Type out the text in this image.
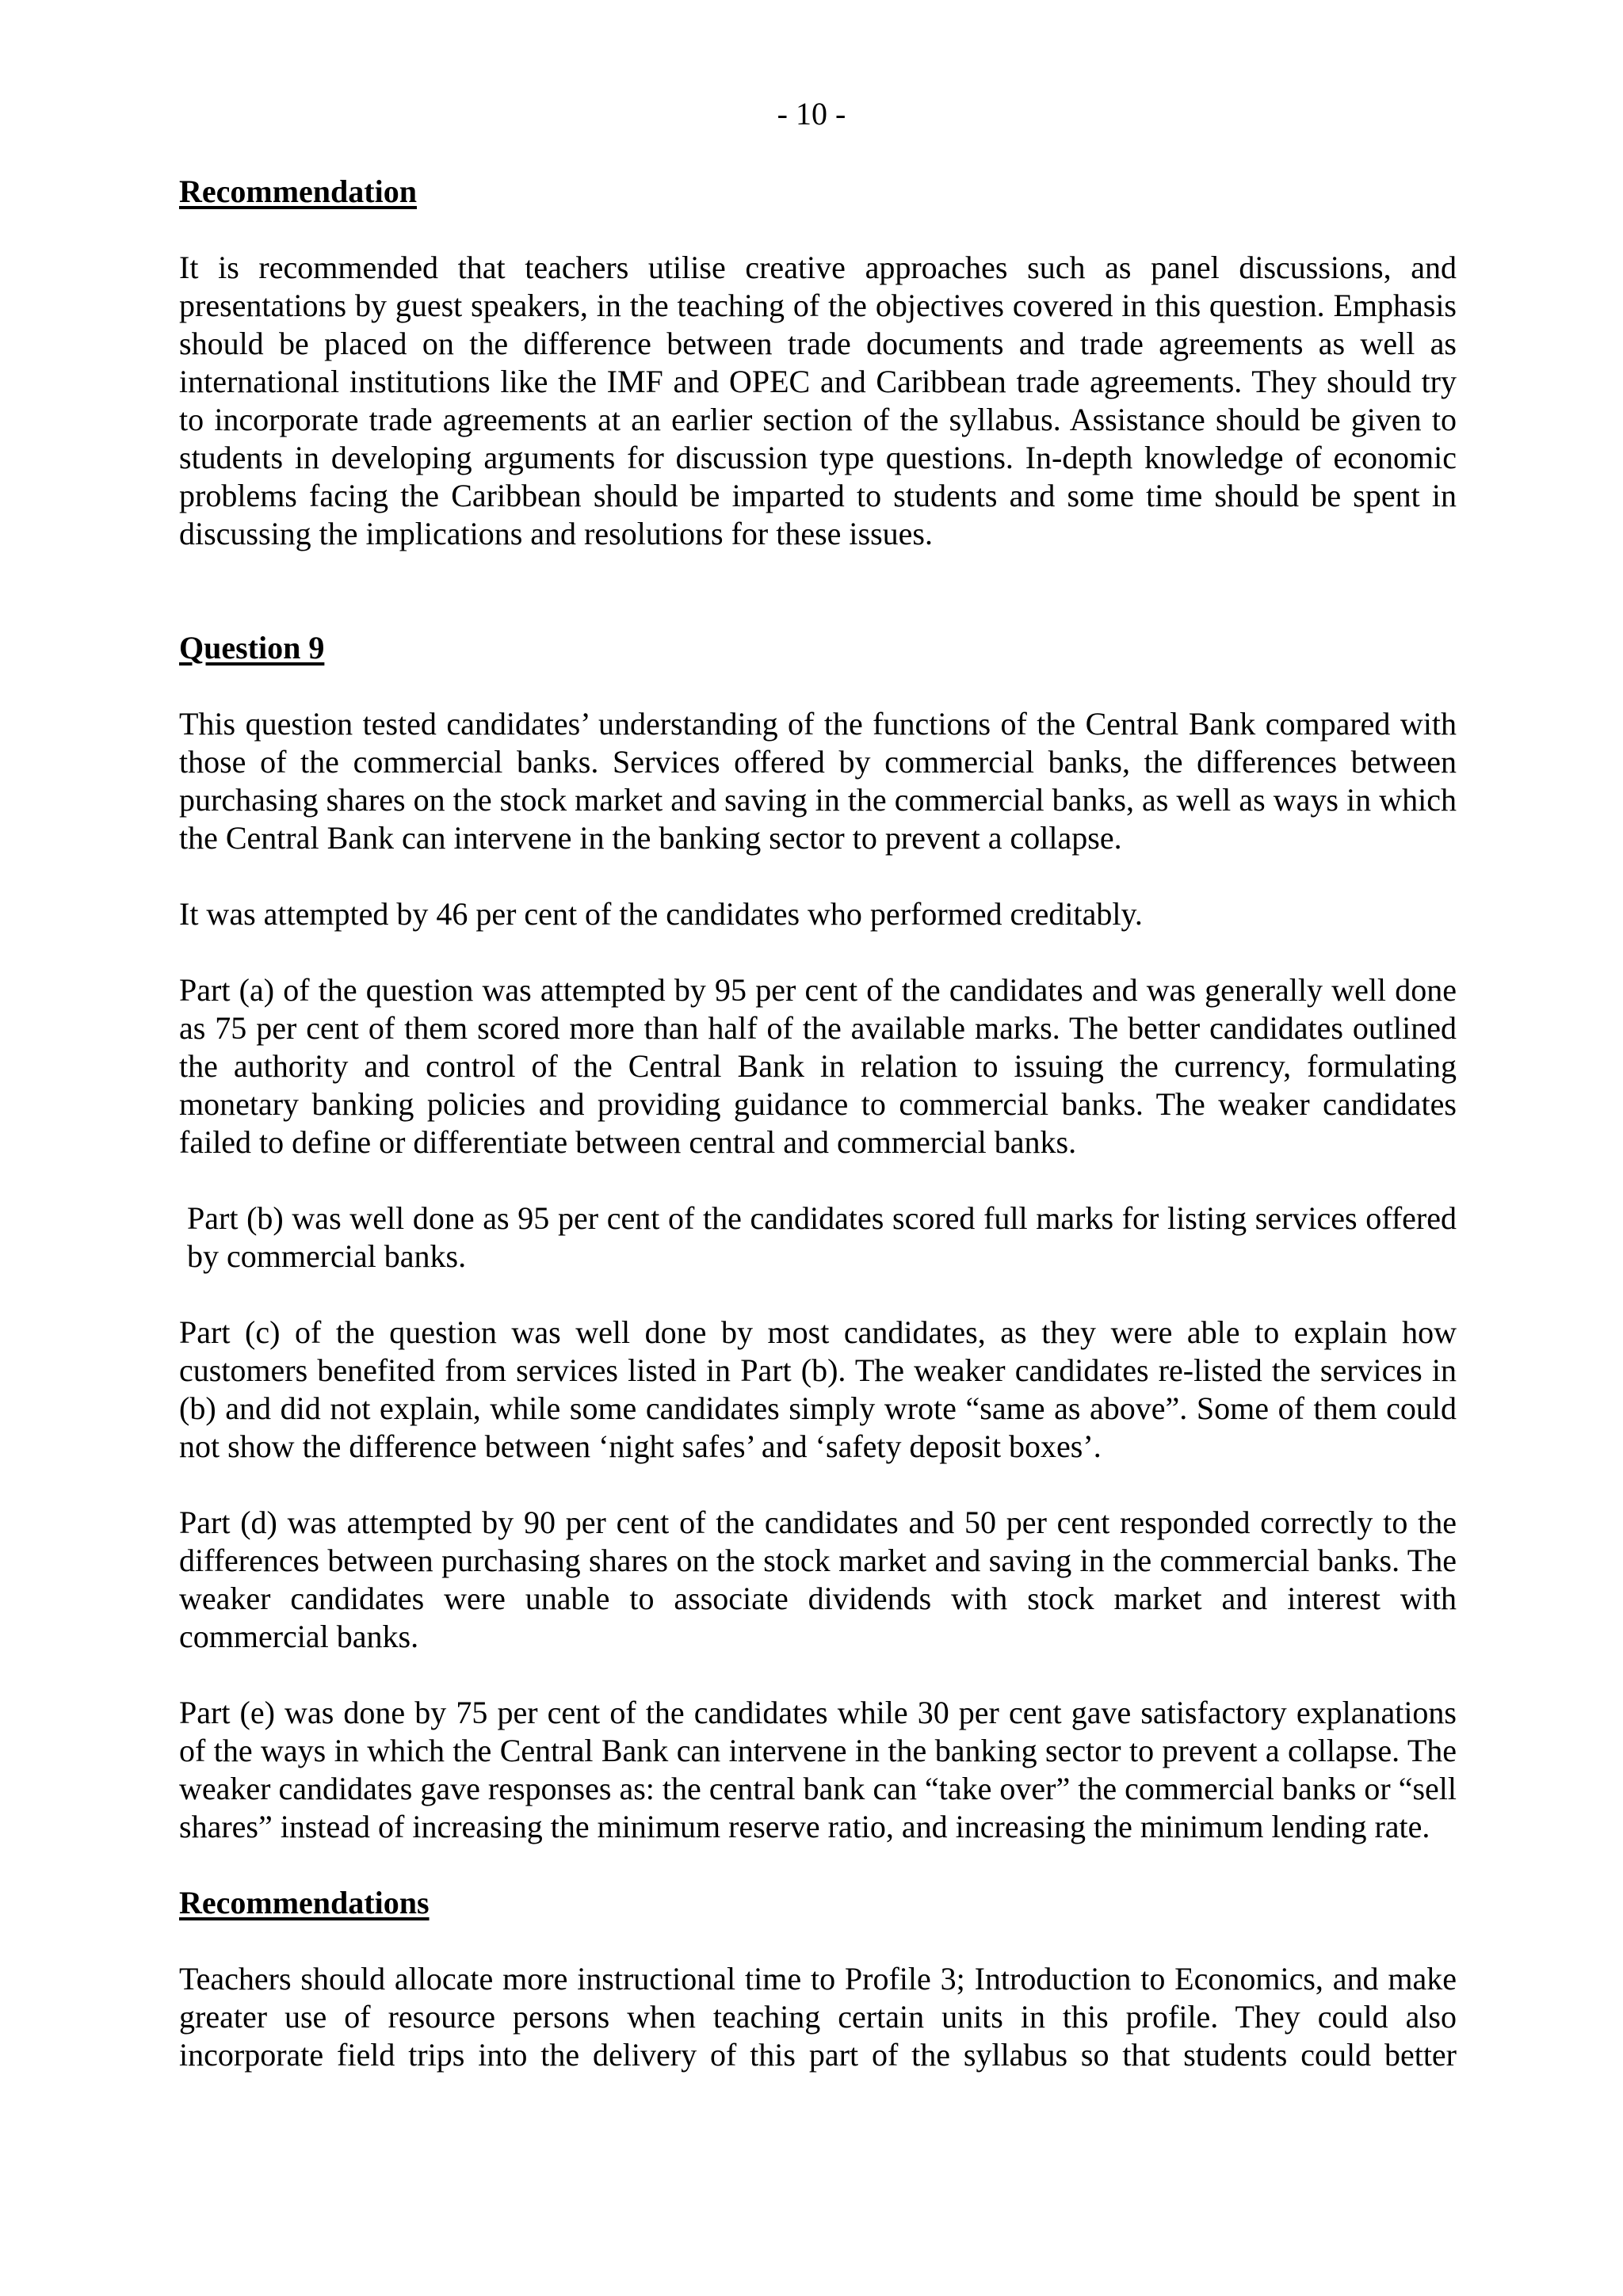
- 10 -

Recommendation

It is recommended that teachers utilise creative approaches such as panel discussions, and presentations by guest speakers, in the teaching of the objectives covered in this question. Emphasis should be placed on the difference between trade documents and trade agreements as well as international institutions like the IMF and OPEC and Caribbean trade agreements. They should try to incorporate trade agreements at an earlier section of the syllabus. Assistance should be given to students in developing arguments for discussion type questions. In-depth knowledge of economic problems facing the Caribbean should be imparted to students and some time should be spent in discussing the implications and resolutions for these issues.

Question 9

This question tested candidates’ understanding of the functions of the Central Bank compared with those of the commercial banks. Services offered by commercial banks, the differences between purchasing shares on the stock market and saving in the commercial banks, as well as ways in which the Central Bank can intervene in the banking sector to prevent a collapse.

It was attempted by 46 per cent of the candidates who performed creditably.

Part (a) of the question was attempted by 95 per cent of the candidates and was generally well done as 75 per cent of them scored more than half of the available marks. The better candidates outlined the authority and control of the Central Bank in relation to issuing the currency, formulating monetary banking policies and providing guidance to commercial banks. The weaker candidates failed to define or differentiate between central and commercial banks.

Part (b) was well done as 95 per cent of the candidates scored full marks for listing services offered by commercial banks.

Part (c) of the question was well done by most candidates, as they were able to explain how customers benefited from services listed in Part (b). The weaker candidates re-listed the services in (b) and did not explain, while some candidates simply wrote “same as above”. Some of them could not show the difference between ‘night safes’ and ‘safety deposit boxes’.

Part (d) was attempted by 90 per cent of the candidates and 50 per cent responded correctly to the differences between purchasing shares on the stock market and saving in the commercial banks. The weaker candidates were unable to associate dividends with stock market and interest with commercial banks.

Part (e) was done by 75 per cent of the candidates while 30 per cent gave satisfactory explanations of the ways in which the Central Bank can intervene in the banking sector to prevent a collapse. The weaker candidates gave responses as: the central bank can “take over” the commercial banks or “sell shares” instead of increasing the minimum reserve ratio, and increasing the minimum lending rate.

Recommendations

Teachers should allocate more instructional time to Profile 3; Introduction to Economics, and make greater use of resource persons when teaching certain units in this profile. They could also incorporate field trips into the delivery of this part of the syllabus so that students could better
